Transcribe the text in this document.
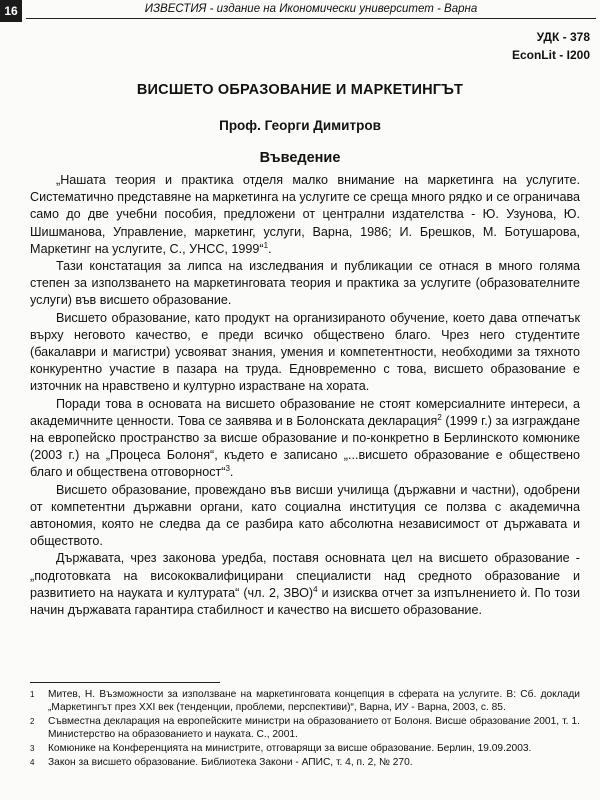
16	ИЗВЕСТИЯ - издание на Икономически университет - Варна
УДК - 378
EconLit - I200
ВИСШЕТО ОБРАЗОВАНИЕ И МАРКЕТИНГЪТ
Проф. Георги Димитров
Въведение

„Нашата теория и практика отделя малко внимание на маркетинга на услугите. Систематично представяне на маркетинга на услугите се среща много рядко и се ограничава само до две учебни пособия, предложени от централни издателства - Ю. Узунова, Ю. Шишманова, Управление, маркетинг, услуги, Варна, 1986; И. Брешков, М. Ботушарова, Маркетинг на услугите, С., УНСС, 1999“$^1$.

Тази констатация за липса на изследвания и публикации се отнася в много голяма степен за използването на маркетинговата теория и практика за услугите (образователните услуги) във висшето образование.

Висшето образование, като продукт на организираното обучение, което дава отпечатък върху неговото качество, е преди всичко обществено благо. Чрез него студентите (бакалаври и магистри) усвояват знания, умения и компетентности, необходими за тяхното конкурентно участие в пазара на труда. Едновременно с това, висшето образование е източник на нравствено и културно израстване на хората.

Поради това в основата на висшето образование не стоят комерсиалните интереси, а академичните ценности. Това се заявява и в Болонската декларация$^2$ (1999 г.) за изграждане на европейско пространство за висше образование и по-конкретно в Берлинското комюнике (2003 г.) на „Процеса Болоня“, където е записано „...висшето образование е обществено благо и обществена отговорност“$^3$.

Висшето образование, провеждано във висши училища (държавни и частни), одобрени от компетентни държавни органи, като социална институция се ползва с академична автономия, която не следва да се разбира като абсолютна независимост от държавата и обществото.

Държавата, чрез законова уредба, поставя основната цел на висшето образование - „подготовката на висококвалифицирани специалисти над средното образование и развитието на науката и културата“ (чл. 2, ЗВО)$^4$ и изисква отчет за изпълнението ѝ. По този начин държавата гарантира стабилност и качество на висшето образование.

1 Митев, Н. Възможности за използване на маркетинговата концепция в сферата на услугите. В: Сб. доклади „Маркетингът през XXI век (тенденции, проблеми, перспективи)“, Варна, ИУ - Варна, 2003, с. 85.
2 Съвместна декларация на европейските министри на образованието от Болоня. Висше образование 2001, т. 1. Министерство на образованието и науката. С., 2001.
3 Комюнике на Конференцията на министрите, отговарящи за висше образование. Берлин, 19.09.2003.
4 Закон за висшето образование. Библиотека Закони - АПИС, т. 4, п. 2, № 270.
